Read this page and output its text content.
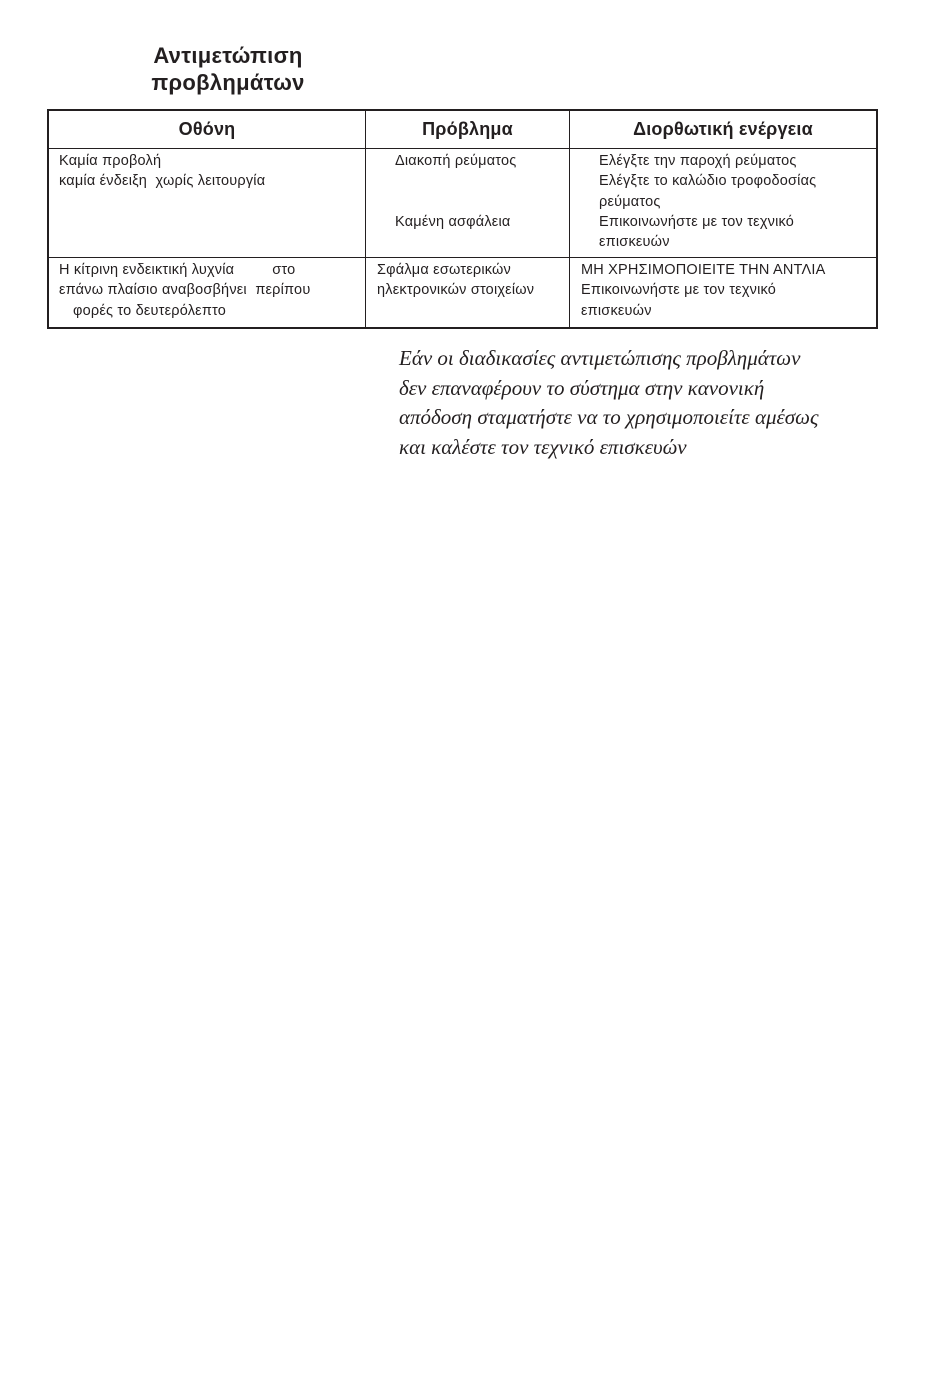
Αντιμετώπιση
προβλημάτων
Οθόνη	Πρόβλημα	Διορθωτική ενέργεια
Καμία προβολή
καμία ένδειξη  χωρίς λειτουργία
Διακοπή ρεύματος
Καμένη ασφάλεια
Ελέγξτε την παροχή ρεύματος
Ελέγξτε το καλώδιο τροφοδοσίας
ρεύματος
Επικοινωνήστε με τον τεχνικό
επισκευών
Η κίτρινη ενδεικτική λυχνία         στο
επάνω πλαίσιο αναβοσβήνει  περίπου
φορές το δευτερόλεπτο
Σφάλμα εσωτερικών
ηλεκτρονικών στοιχείων
ΜΗ ΧΡΗΣΙΜΟΠΟΙΕΙΤΕ ΤΗΝ ΑΝΤΛΙΑ
Επικοινωνήστε με τον τεχνικό
επισκευών
Εάν οι διαδικασίες αντιμετώπισης προβλημάτων
δεν επαναφέρουν το σύστημα στην κανονική
απόδοση σταματήστε να το χρησιμοποιείτε αμέσως
και καλέστε τον τεχνικό επισκευών
